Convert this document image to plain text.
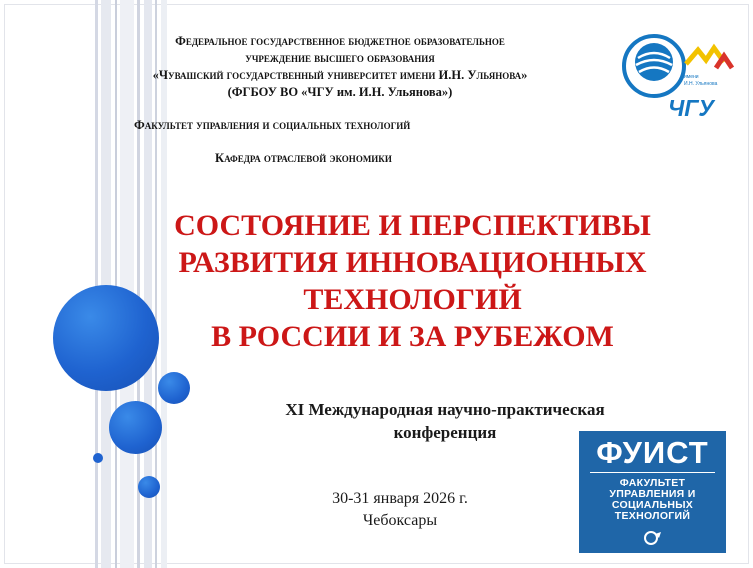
Федеральное государственное бюджетное образовательное
учреждение высшего образования
«Чувашский государственный университет имени И.Н. Ульянова»
(ФГБОУ ВО «ЧГУ им. И.Н. Ульянова»)
Факультет управления и социальных технологий
Кафедра отраслевой экономики
СОСТОЯНИЕ И ПЕРСПЕКТИВЫ
РАЗВИТИЯ ИННОВАЦИОННЫХ
ТЕХНОЛОГИЙ
В РОССИИ И ЗА РУБЕЖОМ
XI Международная научно-практическая
конференция
30-31 января 2026 г.
Чебоксары
ЧГУ
имени
И.Н. Ульянова
ФУИСТ
ФАКУЛЬТЕТ
УПРАВЛЕНИЯ И
СОЦИАЛЬНЫХ
ТЕХНОЛОГИЙ
